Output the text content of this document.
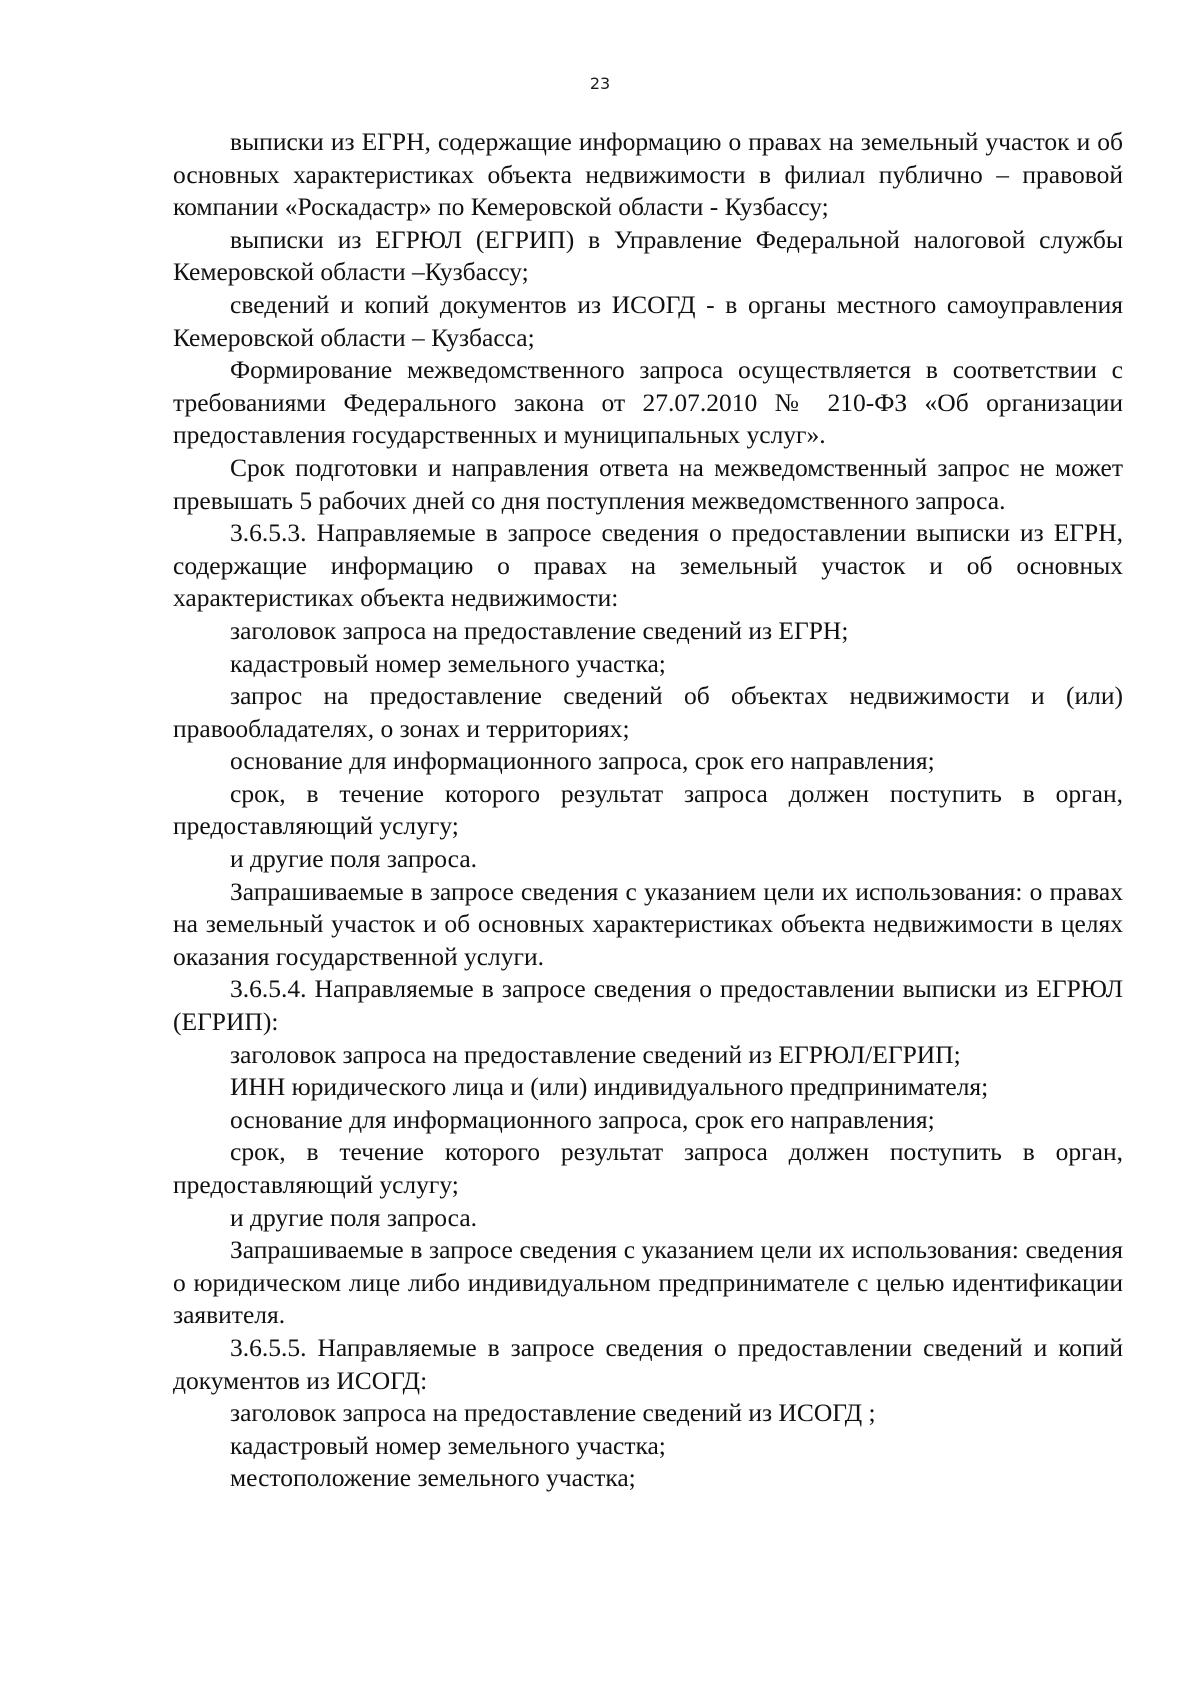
23

выписки из ЕГРН, содержащие информацию о правах на земельный участок и об основных характеристиках объекта недвижимости в филиал публично – правовой компании «Роскадастр» по Кемеровской области - Кузбассу;

выписки из ЕГРЮЛ (ЕГРИП) в Управление Федеральной налоговой службы Кемеровской области –Кузбассу;

сведений и копий документов из ИСОГД - в органы местного самоуправления Кемеровской области – Кузбасса;

Формирование межведомственного запроса осуществляется в соответствии с требованиями Федерального закона от 27.07.2010 № 210-ФЗ «Об организации предоставления государственных и муниципальных услуг».

Срок подготовки и направления ответа на межведомственный запрос не может превышать 5 рабочих дней со дня поступления межведомственного запроса.

3.6.5.3. Направляемые в запросе сведения о предоставлении выписки из ЕГРН, содержащие информацию о правах на земельный участок и об основных характеристиках объекта недвижимости:

заголовок запроса на предоставление сведений из ЕГРН;

кадастровый номер земельного участка;

запрос на предоставление сведений об объектах недвижимости и (или) правообладателях, о зонах и территориях;

основание для информационного запроса, срок его направления;

срок, в течение которого результат запроса должен поступить в орган, предоставляющий услугу;

и другие поля запроса.

Запрашиваемые в запросе сведения с указанием цели их использования: о правах на земельный участок и об основных характеристиках объекта недвижимости в целях оказания государственной услуги.

3.6.5.4. Направляемые в запросе сведения о предоставлении выписки из ЕГРЮЛ (ЕГРИП):

заголовок запроса на предоставление сведений из ЕГРЮЛ/ЕГРИП;

ИНН юридического лица и (или) индивидуального предпринимателя;

основание для информационного запроса, срок его направления;

срок, в течение которого результат запроса должен поступить в орган, предоставляющий услугу;

и другие поля запроса.

Запрашиваемые в запросе сведения с указанием цели их использования: сведения о юридическом лице либо индивидуальном предпринимателе с целью идентификации заявителя.

3.6.5.5. Направляемые в запросе сведения о предоставлении сведений и копий документов из ИСОГД:

заголовок запроса на предоставление сведений из ИСОГД ;

кадастровый номер земельного участка;

местоположение земельного участка;
